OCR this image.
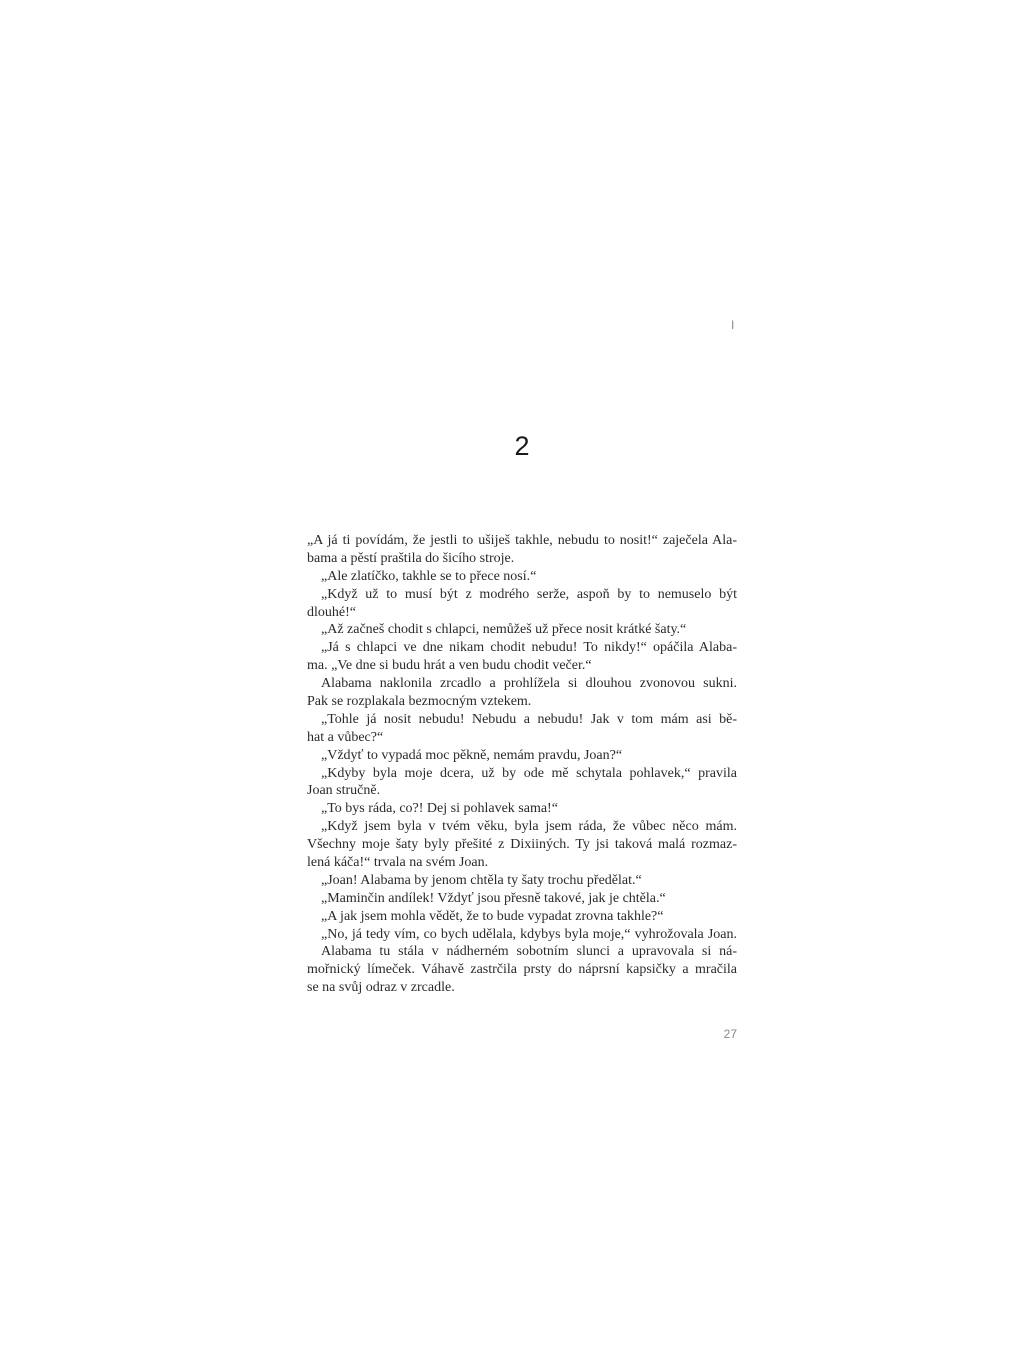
I
2
„A já ti povídám, že jestli to ušiješ takhle, nebudu to nosit!“ zaječela Ala-
bama a pěstí praštila do šicího stroje.
 „Ale zlatíčko, takhle se to přece nosí.“
 „Když už to musí být z modrého serže, aspoň by to nemuselo být
dlouhé!“
 „Až začneš chodit s chlapci, nemůžeš už přece nosit krátké šaty.“
 „Já s chlapci ve dne nikam chodit nebudu! To nikdy!“ opáčila Alaba-
ma. „Ve dne si budu hrát a ven budu chodit večer.“
 Alabama naklonila zrcadlo a prohlížela si dlouhou zvonovou sukni.
Pak se rozplakala bezmocným vztekem.
 „Tohle já nosit nebudu! Nebudu a nebudu! Jak v tom mám asi bě-
hat a vůbec?“
 „Vždyť to vypadá moc pěkně, nemám pravdu, Joan?“
 „Kdyby byla moje dcera, už by ode mě schytala pohlavek,“ pravila
Joan stručně.
 „To bys ráda, co?! Dej si pohlavek sama!“
 „Když jsem byla v tvém věku, byla jsem ráda, že vůbec něco mám.
Všechny moje šaty byly přešité z Dixiiných. Ty jsi taková malá rozmaz-
lená káča!“ trvala na svém Joan.
 „Joan! Alabama by jenom chtěla ty šaty trochu předělat.“
 „Maminčin andílek! Vždyť jsou přesně takové, jak je chtěla.“
 „A jak jsem mohla vědět, že to bude vypadat zrovna takhle?“
 „No, já tedy vím, co bych udělala, kdybys byla moje,“ vyhrožovala Joan.
 Alabama tu stála v nádherném sobotním slunci a upravovala si ná-
mořnický límeček. Váhavě zastrčila prsty do náprsní kapsičky a mračila
se na svůj odraz v zrcadle.
27
